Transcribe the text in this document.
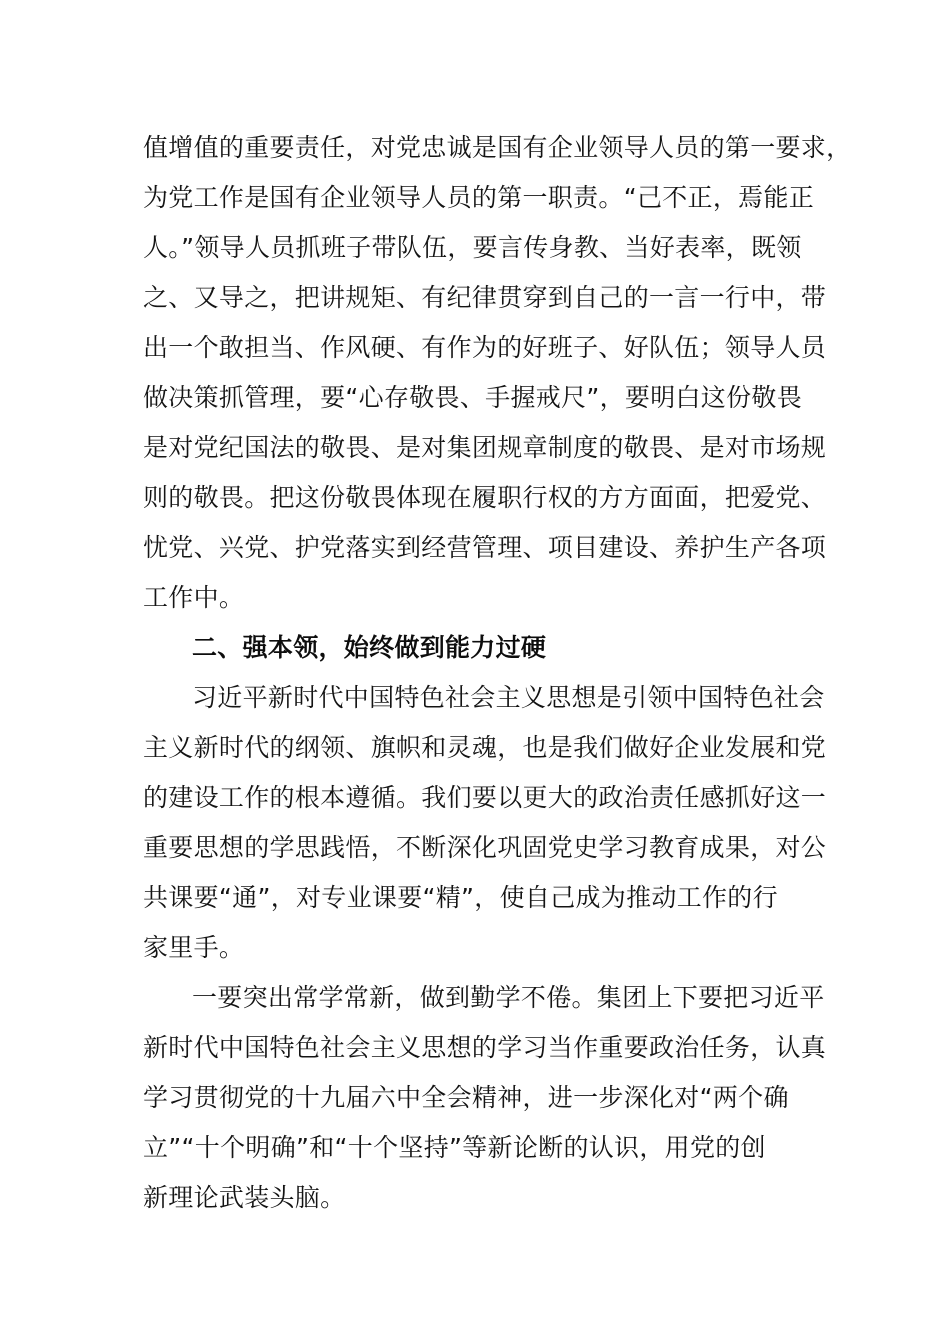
值增值的重要责任，对党忠诚是国有企业领导人员的第一要求，
为党工作是国有企业领导人员的第一职责。“己不正，焉能正
人。”领导人员抓班子带队伍，要言传身教、当好表率，既领
之、又导之，把讲规矩、有纪律贯穿到自己的一言一行中，带
出一个敢担当、作风硬、有作为的好班子、好队伍；领导人员
做决策抓管理，要“心存敬畏、手握戒尺”，要明白这份敬畏
是对党纪国法的敬畏、是对集团规章制度的敬畏、是对市场规
则的敬畏。把这份敬畏体现在履职行权的方方面面，把爱党、
忧党、兴党、护党落实到经营管理、项目建设、养护生产各项
工作中。
二、强本领，始终做到能力过硬
习近平新时代中国特色社会主义思想是引领中国特色社会
主义新时代的纲领、旗帜和灵魂，也是我们做好企业发展和党
的建设工作的根本遵循。我们要以更大的政治责任感抓好这一
重要思想的学思践悟，不断深化巩固党史学习教育成果，对公
共课要“通”，对专业课要“精”，使自己成为推动工作的行
家里手。
一要突出常学常新，做到勤学不倦。集团上下要把习近平
新时代中国特色社会主义思想的学习当作重要政治任务，认真
学习贯彻党的十九届六中全会精神，进一步深化对“两个确
立”“十个明确”和“十个坚持”等新论断的认识，用党的创
新理论武装头脑。
